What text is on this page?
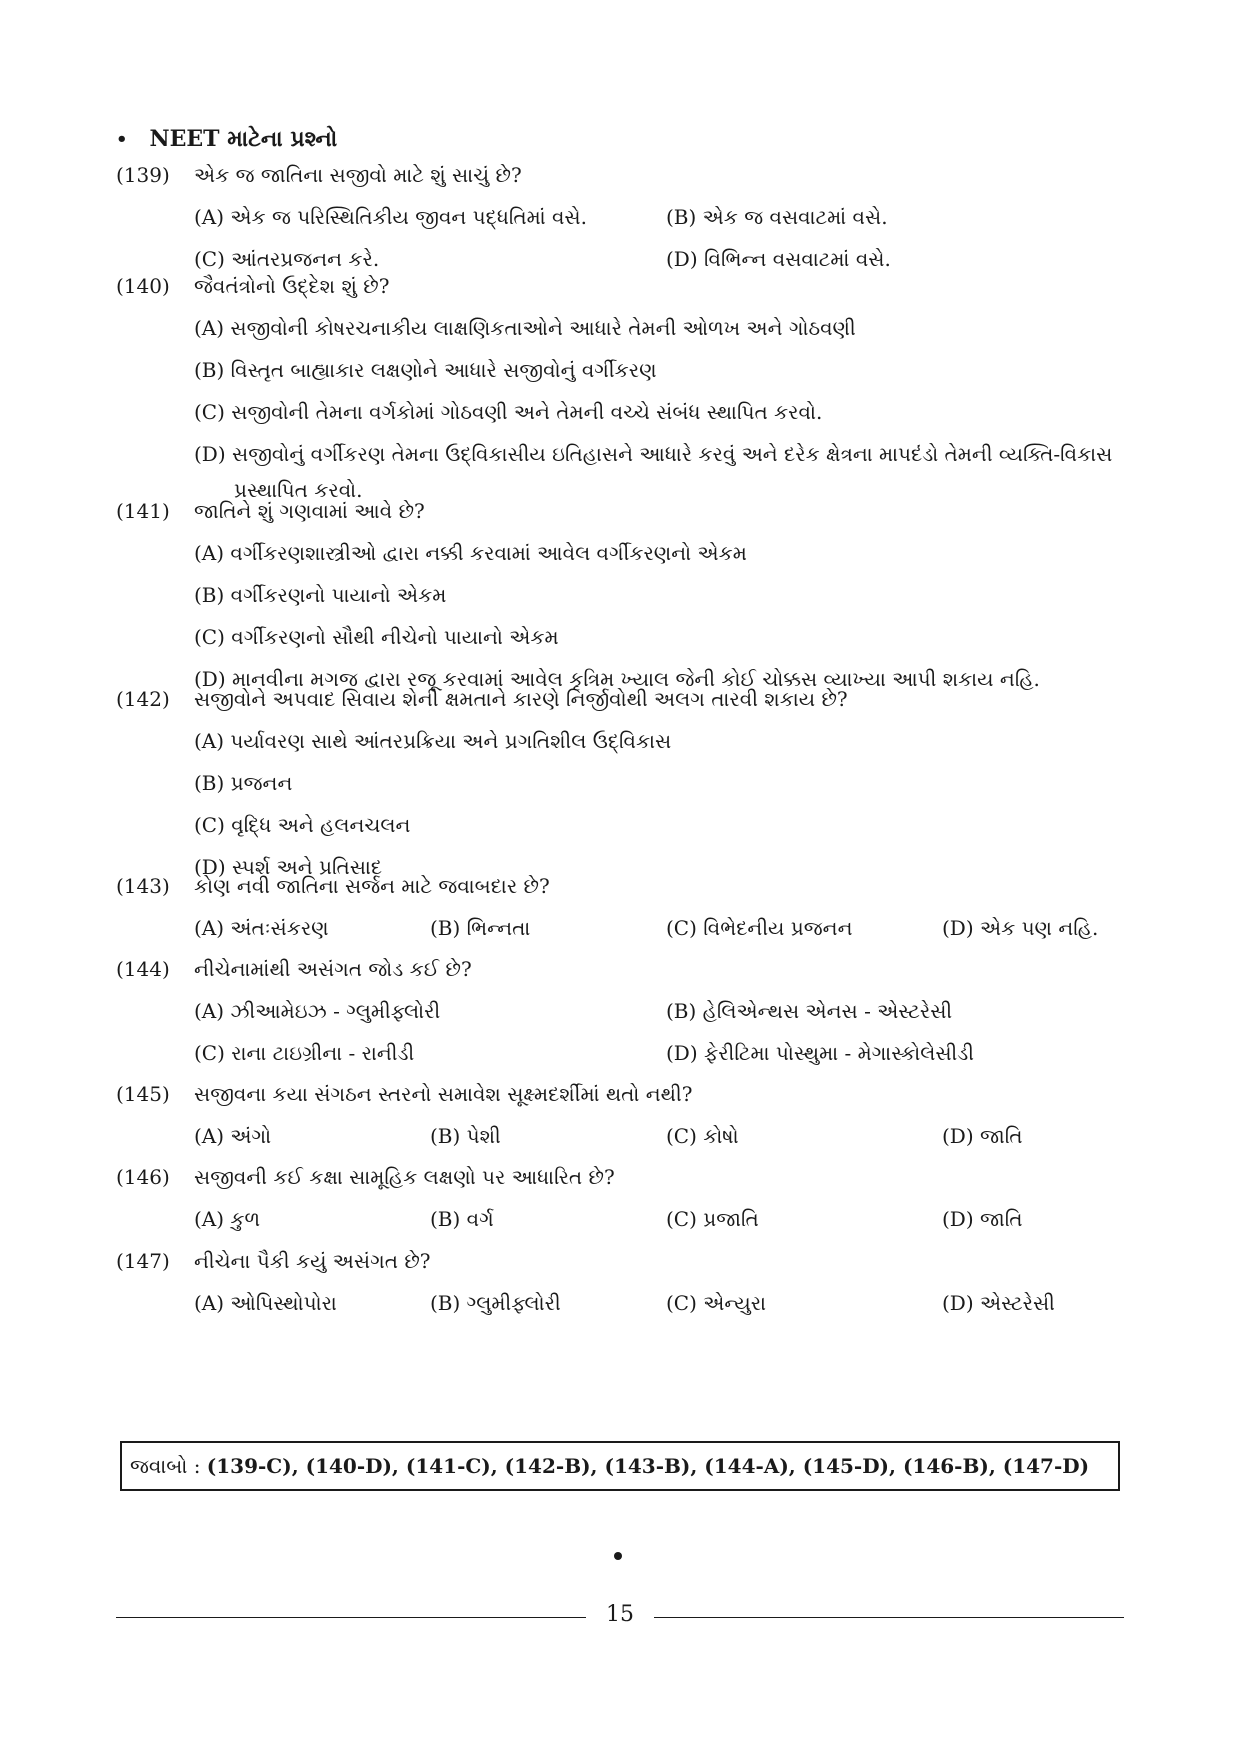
• NEET માટેના પ્રશ્નો
(139)	એક જ જાતિના સજીવો માટે શું સાચું છે?
(A) એક જ પરિસ્થિતિકીય જીવન પદ્ધતિમાં વસે.	(B) એક જ વસવાટમાં વસે.
(C) આંતરપ્રજનન કરે.	(D) વિભિન્ન વસવાટમાં વસે.
(140)	જૈવતંત્રોનો ઉદ્દેશ શું છે?
(A) સજીવોની કોષરચનાકીય લાક્ષણિકતાઓને આધારે તેમની ઓળખ અને ગોઠવણી
(B) વિસ્તૃત બાહ્યાકાર લક્ષણોને આધારે સજીવોનું વર્ગીકરણ
(C) સજીવોની તેમના વર્ગકોમાં ગોઠવણી અને તેમની વચ્ચે સંબંધ સ્થાપિત કરવો.
(D) સજીવોનું વર્ગીકરણ તેમના ઉદ્‌વિકાસીય ઇતિહાસને આધારે કરવું અને દરેક ક્ષેત્રના માપદંડો તેમની વ્યક્તિ-વિકાસ પ્રસ્થાપિત કરવો.
(141)	જાતિને શું ગણવામાં આવે છે?
(A) વર્ગીકરણશાસ્ત્રીઓ દ્વારા નક્કી કરવામાં આવેલ વર્ગીકરણનો એકમ
(B) વર્ગીકરણનો પાયાનો એકમ
(C) વર્ગીકરણનો સૌથી નીચેનો પાયાનો એકમ
(D) માનવીના મગજ દ્વારા રજૂ કરવામાં આવેલ કૃત્રિમ ખ્યાલ જેની કોઈ ચોક્કસ વ્યાખ્યા આપી શકાય નહિ.
(142)	સજીવોને અપવાદ સિવાય શેની ક્ષમતાને કારણે નિર્જીવોથી અલગ તારવી શકાય છે?
(A) પર્યાવરણ સાથે આંતરપ્રક્રિયા અને પ્રગતિશીલ ઉદ્‌વિકાસ
(B) પ્રજનન
(C) વૃદ્ધિ અને હલનચલન
(D) સ્પર્શ અને પ્રતિસાદ
(143)	કોણ નવી જાતિના સર્જન માટે જવાબદાર છે?
(A) અંતઃસંકરણ	(B) ભિન્નતા	(C) વિભેદનીય પ્રજનન	(D) એક પણ નહિ.
(144)	નીચેનામાંથી અસંગત જોડ કઈ છે?
(A) ઝીઆમેઇઝ - ગ્લુમીફ્લોરી	(B) હેલિએન્થસ એનસ - એસ્ટરેસી
(C) રાના ટાઇગ્રીના - રાનીડી	(D) ફેરીટિમા પોસ્થુમા - મેગાસ્કોલેસીડી
(145)	સજીવના કયા સંગઠન સ્તરનો સમાવેશ સૂક્ષ્મદર્શીમાં થતો નથી?
(A) અંગો	(B) પેશી	(C) કોષો	(D) જાતિ
(146)	સજીવની કઈ કક્ષા સામૂહિક લક્ષણો પર આધારિત છે?
(A) કુળ	(B) વર્ગ	(C) પ્રજાતિ	(D) જાતિ
(147)	નીચેના પૈકી કયું અસંગત છે?
(A) ઓપિસ્થોપોરા	(B) ગ્લુમીફ્લોરી	(C) એન્યુરા	(D) એસ્ટરેસી
જવાબો : (139-C), (140-D), (141-C), (142-B), (143-B), (144-A), (145-D), (146-B), (147-D)
15
